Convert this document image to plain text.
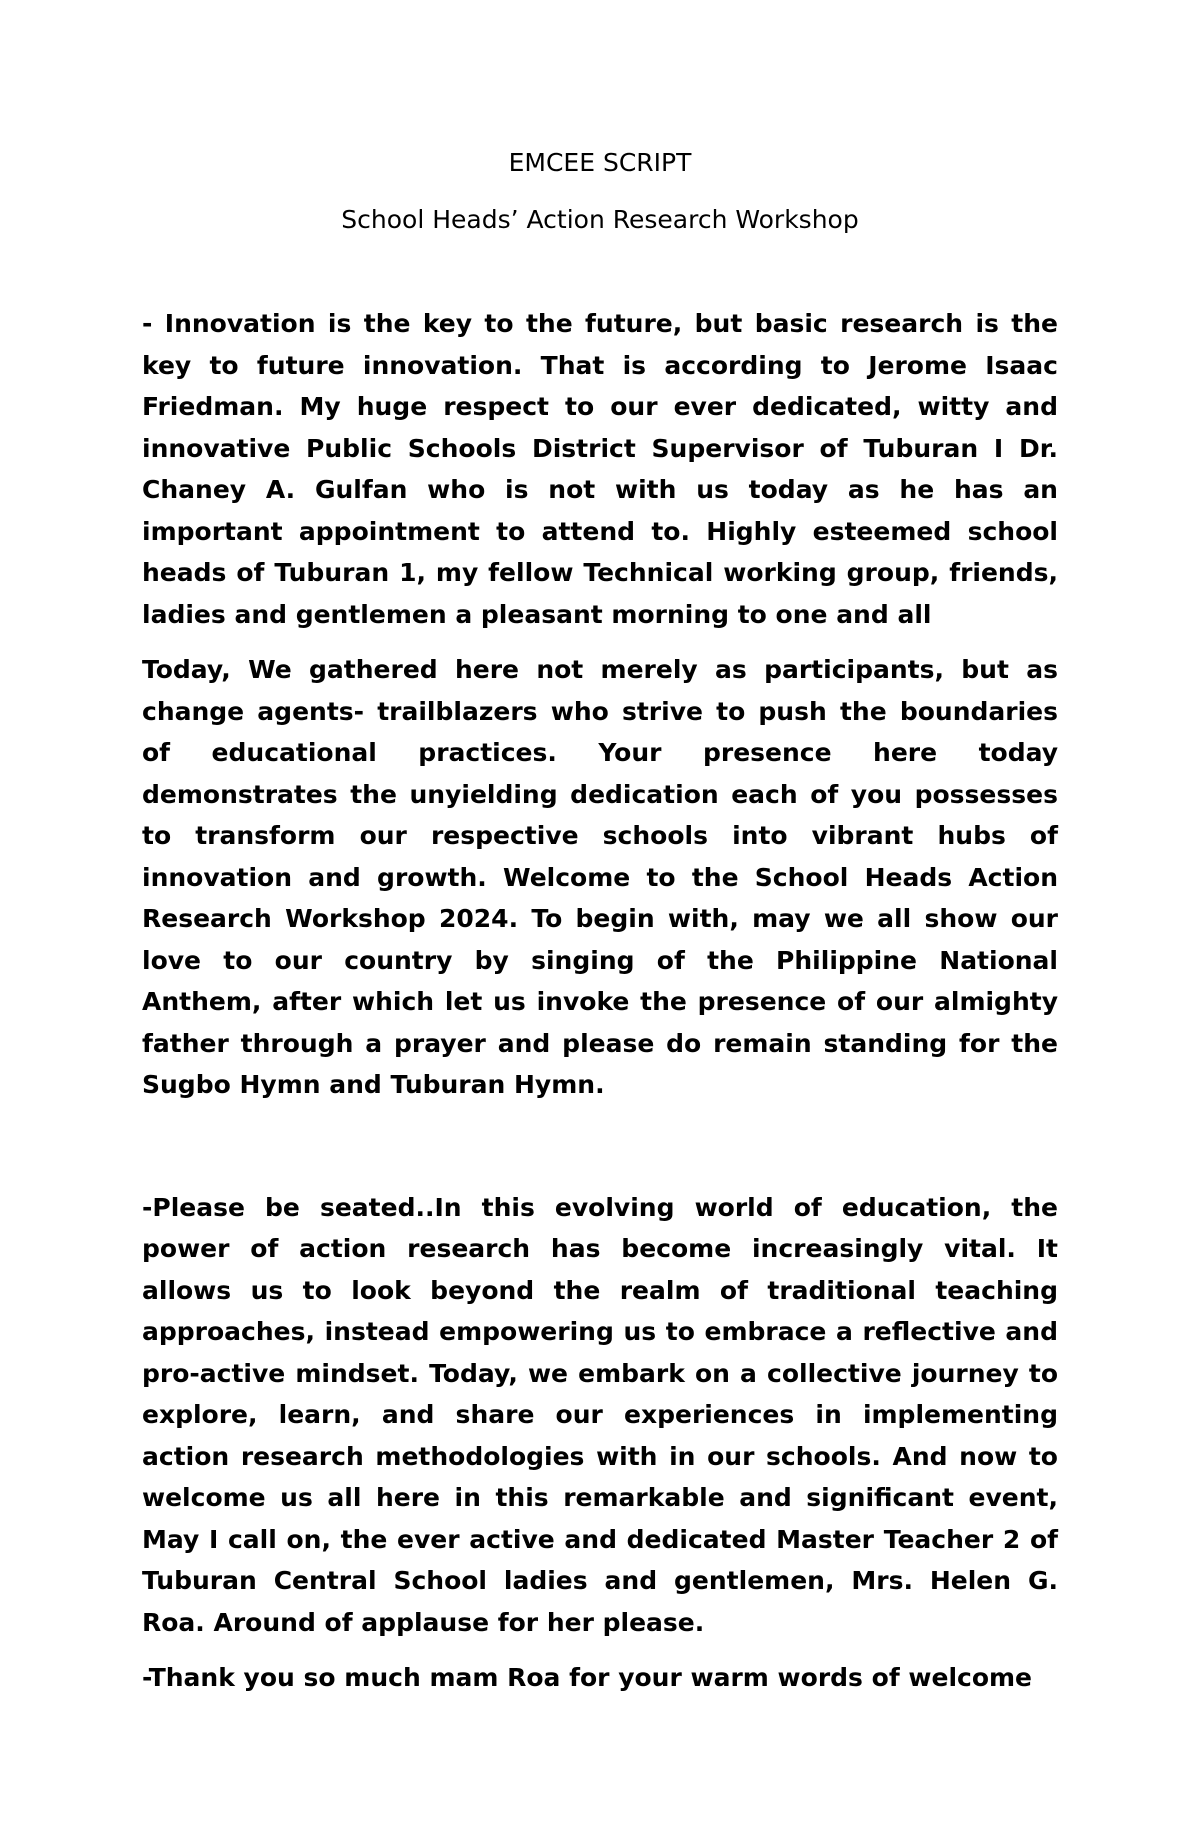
EMCEE SCRIPT

School Heads’ Action Research Workshop

- Innovation is the key to the future, but basic research is the key to future innovation. That is according to Jerome Isaac Friedman. My huge respect to our ever dedicated, witty and innovative Public Schools District Supervisor of Tuburan I Dr. Chaney A. Gulfan who is not with us today as he has an important appointment to attend to. Highly esteemed school heads of Tuburan 1, my fellow Technical working group, friends, ladies and gentlemen a pleasant morning to one and all

Today, We gathered here not merely as participants, but as change agents- trailblazers who strive to push the boundaries of educational practices. Your presence here today demonstrates the unyielding dedication each of you possesses to transform our respective schools into vibrant hubs of innovation and growth. Welcome to the School Heads Action Research Workshop 2024. To begin with, may we all show our love to our country by singing of the Philippine National Anthem, after which let us invoke the presence of our almighty father through a prayer and please do remain standing for the Sugbo Hymn and Tuburan Hymn.

-Please be seated..In this evolving world of education, the power of action research has become increasingly vital. It allows us to look beyond the realm of traditional teaching approaches, instead empowering us to embrace a reflective and pro-active mindset. Today, we embark on a collective journey to explore, learn, and share our experiences in implementing action research methodologies with in our schools. And now to welcome us all here in this remarkable and significant event, May I call on, the ever active and dedicated Master Teacher 2 of Tuburan Central School ladies and gentlemen, Mrs. Helen G. Roa. Around of applause for her please.

-Thank you so much mam Roa for your warm words of welcome
